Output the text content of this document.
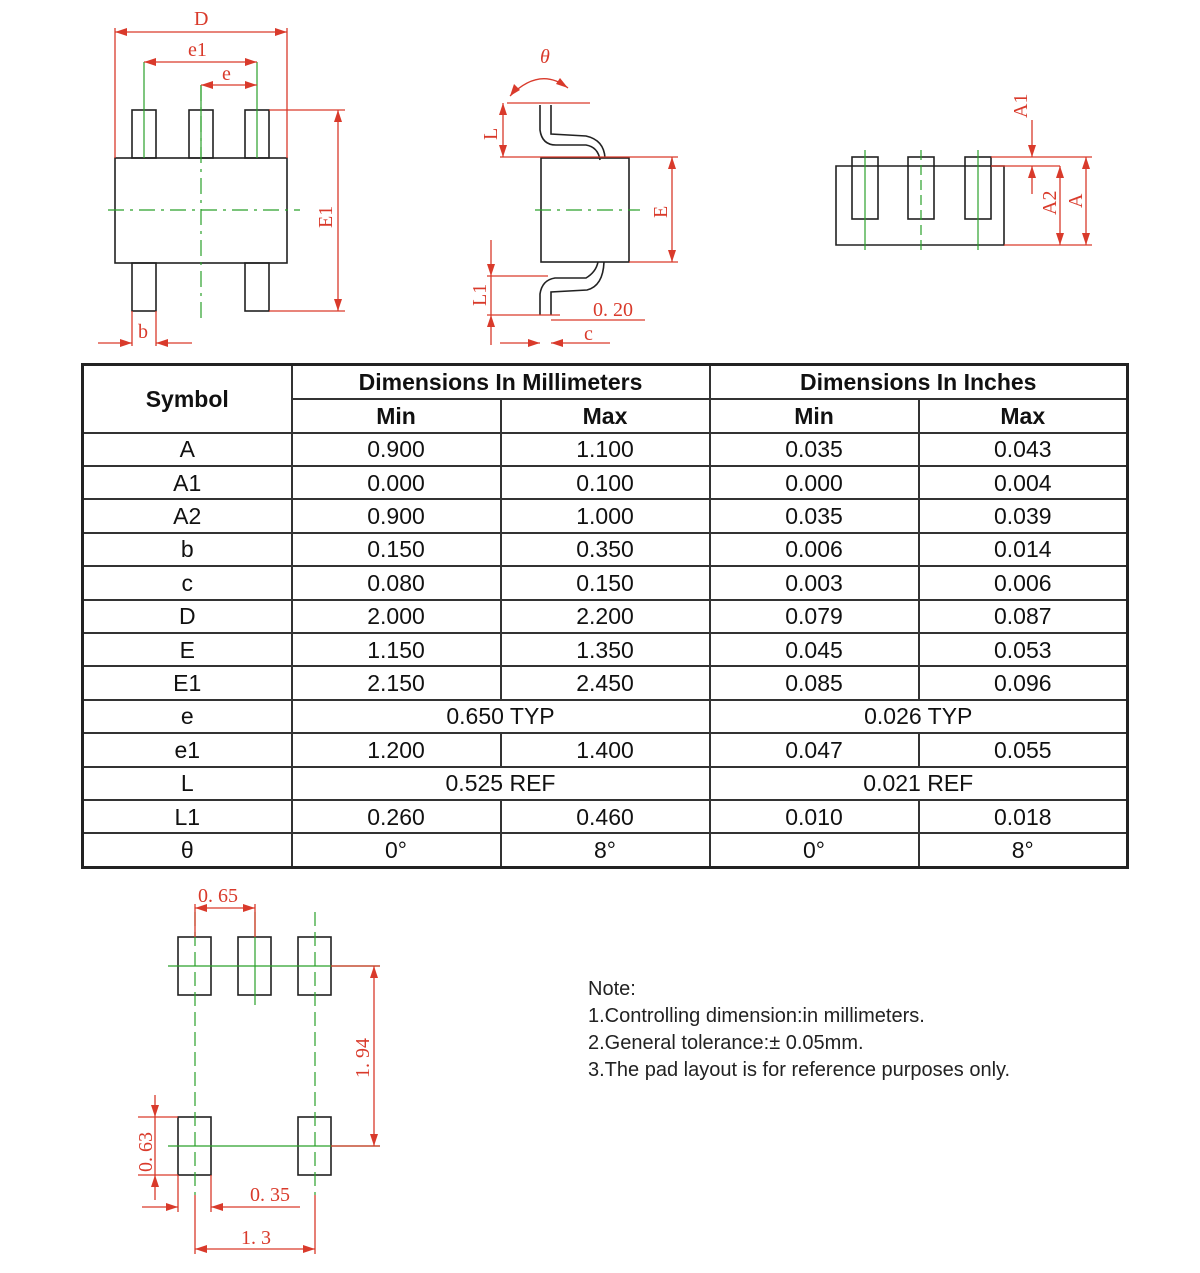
D
e1
e
E1
b
θ
L
E
L1
0. 20
c
A1
A2 A
0. 65
1. 94
0. 63
0. 35
1. 3
Symbol	Dimensions In Millimeters		Dimensions In Inches	
	Min	Max	Min	Max
A	0.900	1.100	0.035	0.043
A1	0.000	0.100	0.000	0.004
A2	0.900	1.000	0.035	0.039
b	0.150	0.350	0.006	0.014
c	0.080	0.150	0.003	0.006
D	2.000	2.200	0.079	0.087
E	1.150	1.350	0.045	0.053
E1	2.150	2.450	0.085	0.096
e	0.650 TYP		0.026 TYP	
e1	1.200	1.400	0.047	0.055
L	0.525 REF		0.021 REF	
L1	0.260	0.460	0.010	0.018
θ	0°	8°	0°	8°
Note:
1.Controlling dimension:in millimeters.
2.General tolerance:± 0.05mm.
3.The pad layout is for reference purposes only.
